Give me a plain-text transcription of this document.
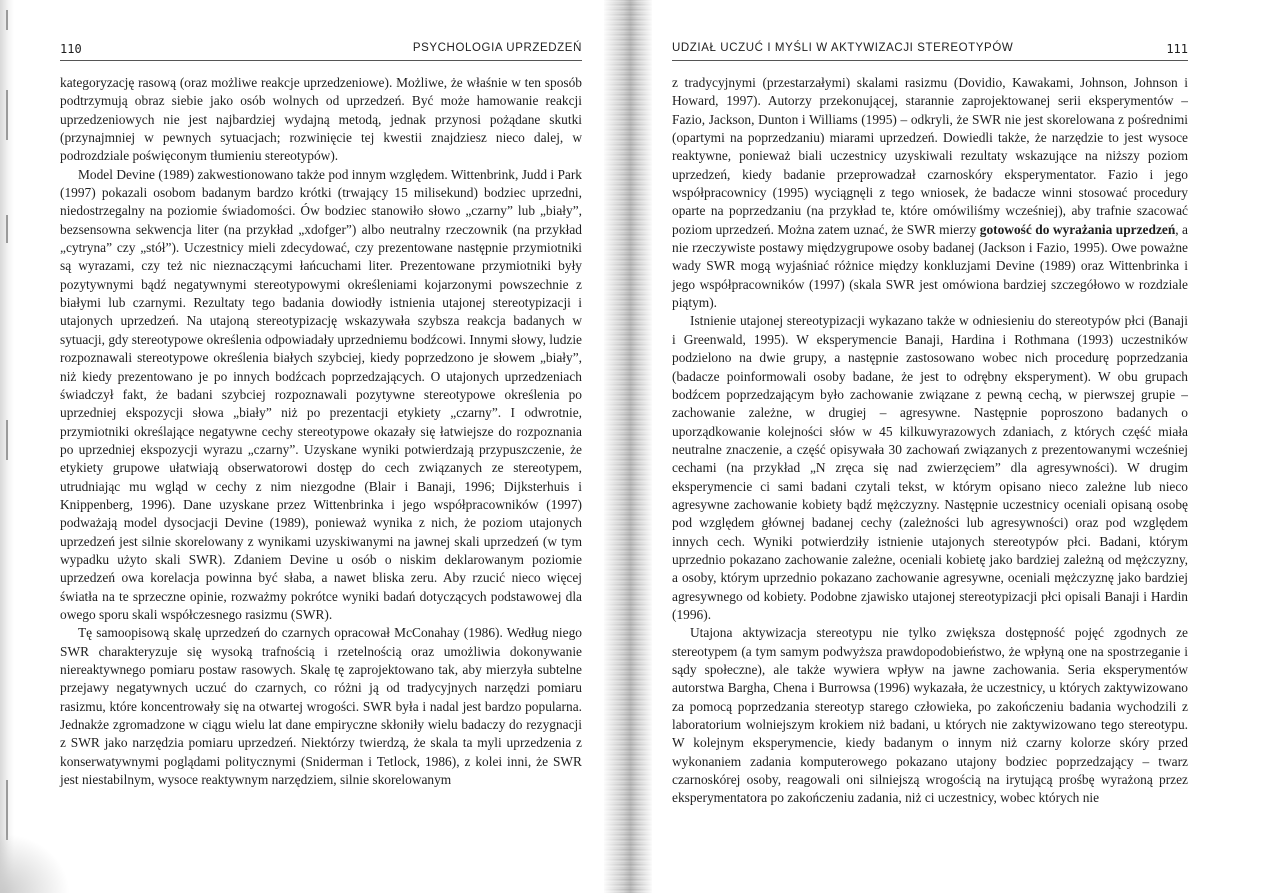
110	PSYCHOLOGIA UPRZEDZEŃ

kategoryzację rasową (oraz możliwe reakcje uprzedzeniowe). Możliwe, że właśnie w ten sposób podtrzymują obraz siebie jako osób wolnych od uprzedzeń. Być może hamowanie reakcji uprzedzeniowych nie jest najbardziej wydajną metodą, jednak przynosi pożądane skutki (przynajmniej w pewnych sytuacjach; rozwinięcie tej kwestii znajdziesz nieco dalej, w podrozdziale poświęconym tłumieniu stereotypów).

Model Devine (1989) zakwestionowano także pod innym względem. Wittenbrink, Judd i Park (1997) pokazali osobom badanym bardzo krótki (trwający 15 milisekund) bodziec uprzedni, niedostrzegalny na poziomie świadomości. Ów bodziec stanowiło słowo „czarny” lub „biały”, bezsensowna sekwencja liter (na przykład „xdofger”) albo neutralny rzeczownik (na przykład „cytryna” czy „stół”). Uczestnicy mieli zdecydować, czy prezentowane następnie przymiotniki są wyrazami, czy też nic nieznaczącymi łańcuchami liter. Prezentowane przymiotniki były pozytywnymi bądź negatywnymi stereotypowymi określeniami kojarzonymi powszechnie z białymi lub czarnymi. Rezultaty tego badania dowiodły istnienia utajonej stereotypizacji i utajonych uprzedzeń. Na utajoną stereotypizację wskazywała szybsza reakcja badanych w sytuacji, gdy stereotypowe określenia odpowiadały uprzedniemu bodźcowi. Innymi słowy, ludzie rozpoznawali stereotypowe określenia białych szybciej, kiedy poprzedzono je słowem „biały”, niż kiedy prezentowano je po innych bodźcach poprzedzających. O utajonych uprzedzeniach świadczył fakt, że badani szybciej rozpoznawali pozytywne stereotypowe określenia po uprzedniej ekspozycji słowa „biały” niż po prezentacji etykiety „czarny”. I odwrotnie, przymiotniki określające negatywne cechy stereotypowe okazały się łatwiejsze do rozpoznania po uprzedniej ekspozycji wyrazu „czarny”. Uzyskane wyniki potwierdzają przypuszczenie, że etykiety grupowe ułatwiają obserwatorowi dostęp do cech związanych ze stereotypem, utrudniając mu wgląd w cechy z nim niezgodne (Blair i Banaji, 1996; Dijksterhuis i Knippenberg, 1996). Dane uzyskane przez Wittenbrinka i jego współpracowników (1997) podważają model dysocjacji Devine (1989), ponieważ wynika z nich, że poziom utajonych uprzedzeń jest silnie skorelowany z wynikami uzyskiwanymi na jawnej skali uprzedzeń (w tym wypadku użyto skali SWR). Zdaniem Devine u osób o niskim deklarowanym poziomie uprzedzeń owa korelacja powinna być słaba, a nawet bliska zeru. Aby rzucić nieco więcej światła na te sprzeczne opinie, rozważmy pokrótce wyniki badań dotyczących podstawowej dla owego sporu skali współczesnego rasizmu (SWR).

Tę samoopisową skalę uprzedzeń do czarnych opracował McConahay (1986). Według niego SWR charakteryzuje się wysoką trafnością i rzetelnością oraz umożliwia dokonywanie niereaktywnego pomiaru postaw rasowych. Skalę tę zaprojektowano tak, aby mierzyła subtelne przejawy negatywnych uczuć do czarnych, co różni ją od tradycyjnych narzędzi pomiaru rasizmu, które koncentrowały się na otwartej wrogości. SWR była i nadal jest bardzo popularna. Jednakże zgromadzone w ciągu wielu lat dane empiryczne skłoniły wielu badaczy do rezygnacji z SWR jako narzędzia pomiaru uprzedzeń. Niektórzy twierdzą, że skala ta myli uprzedzenia z konserwatywnymi poglądami politycznymi (Sniderman i Tetlock, 1986), z kolei inni, że SWR jest niestabilnym, wysoce reaktywnym narzędziem, silnie skorelowanym

UDZIAŁ UCZUĆ I MYŚLI W AKTYWIZACJI STEREOTYPÓW	111

z tradycyjnymi (przestarzałymi) skalami rasizmu (Dovidio, Kawakami, Johnson, Johnson i Howard, 1997). Autorzy przekonującej, starannie zaprojektowanej serii eksperymentów – Fazio, Jackson, Dunton i Williams (1995) – odkryli, że SWR nie jest skorelowana z pośrednimi (opartymi na poprzedzaniu) miarami uprzedzeń. Dowiedli także, że narzędzie to jest wysoce reaktywne, ponieważ biali uczestnicy uzyskiwali rezultaty wskazujące na niższy poziom uprzedzeń, kiedy badanie przeprowadzał czarnoskóry eksperymentator. Fazio i jego współpracownicy (1995) wyciągnęli z tego wniosek, że badacze winni stosować procedury oparte na poprzedzaniu (na przykład te, które omówiliśmy wcześniej), aby trafnie szacować poziom uprzedzeń. Można zatem uznać, że SWR mierzy gotowość do wyrażania uprzedzeń, a nie rzeczywiste postawy międzygrupowe osoby badanej (Jackson i Fazio, 1995). Owe poważne wady SWR mogą wyjaśniać różnice między konkluzjami Devine (1989) oraz Wittenbrinka i jego współpracowników (1997) (skala SWR jest omówiona bardziej szczegółowo w rozdziale piątym).

Istnienie utajonej stereotypizacji wykazano także w odniesieniu do stereotypów płci (Banaji i Greenwald, 1995). W eksperymencie Banaji, Hardina i Rothmana (1993) uczestników podzielono na dwie grupy, a następnie zastosowano wobec nich procedurę poprzedzania (badacze poinformowali osoby badane, że jest to odrębny eksperyment). W obu grupach bodźcem poprzedzającym było zachowanie związane z pewną cechą, w pierwszej grupie – zachowanie zależne, w drugiej – agresywne. Następnie poproszono badanych o uporządkowanie kolejności słów w 45 kilkuwyrazowych zdaniach, z których część miała neutralne znaczenie, a część opisywała 30 zachowań związanych z prezentowanymi wcześniej cechami (na przykład „N zręca się nad zwierzęciem” dla agresywności). W drugim eksperymencie ci sami badani czytali tekst, w którym opisano nieco zależne lub nieco agresywne zachowanie kobiety bądź mężczyzny. Następnie uczestnicy oceniali opisaną osobę pod względem głównej badanej cechy (zależności lub agresywności) oraz pod względem innych cech. Wyniki potwierdziły istnienie utajonych stereotypów płci. Badani, którym uprzednio pokazano zachowanie zależne, oceniali kobietę jako bardziej zależną od mężczyzny, a osoby, którym uprzednio pokazano zachowanie agresywne, oceniali mężczyznę jako bardziej agresywnego od kobiety. Podobne zjawisko utajonej stereotypizacji płci opisali Banaji i Hardin (1996).

Utajona aktywizacja stereotypu nie tylko zwiększa dostępność pojęć zgodnych ze stereotypem (a tym samym podwyższa prawdopodobieństwo, że wpłyną one na spostrzeganie i sądy społeczne), ale także wywiera wpływ na jawne zachowania. Seria eksperymentów autorstwa Bargha, Chena i Burrowsa (1996) wykazała, że uczestnicy, u których zaktywizowano za pomocą poprzedzania stereotyp starego człowieka, po zakończeniu badania wychodzili z laboratorium wolniejszym krokiem niż badani, u których nie zaktywizowano tego stereotypu. W kolejnym eksperymencie, kiedy badanym o innym niż czarny kolorze skóry przed wykonaniem zadania komputerowego pokazano utajony bodziec poprzedzający – twarz czarnoskórej osoby, reagowali oni silniejszą wrogością na irytującą prośbę wyrażoną przez eksperymentatora po zakończeniu zadania, niż ci uczestnicy, wobec których nie
